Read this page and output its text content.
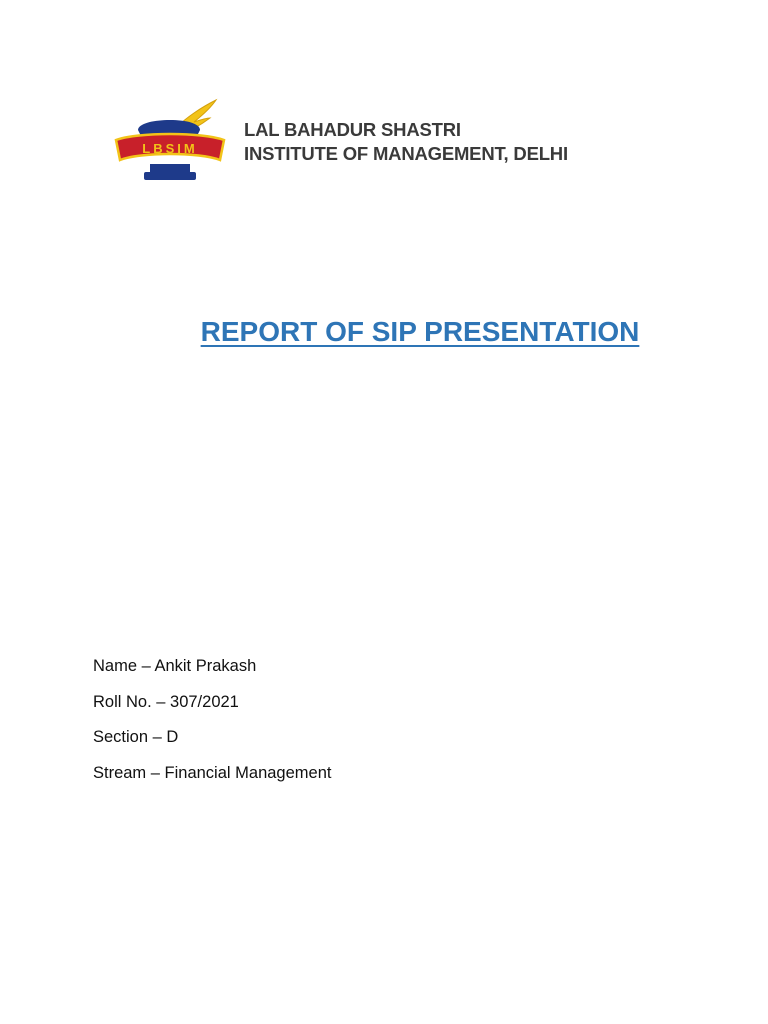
LBSIM
LAL BAHADUR SHASTRI
INSTITUTE OF MANAGEMENT, DELHI
REPORT OF SIP PRESENTATION
Name – Ankit Prakash
Roll No. – 307/2021
Section – D
Stream – Financial Management
